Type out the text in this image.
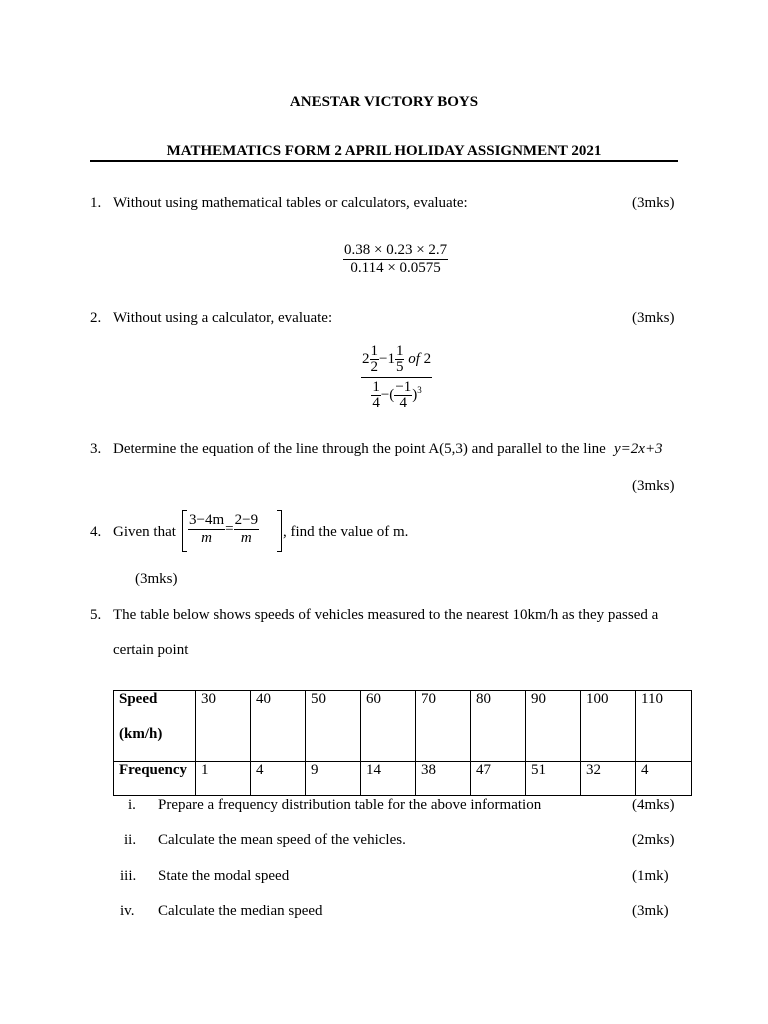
ANESTAR VICTORY BOYS
MATHEMATICS FORM 2 APRIL HOLIDAY ASSIGNMENT 2021
1. Without using mathematical tables or calculators, evaluate:	(3mks)
$\frac{0.38 \times 0.23 \times 2.7}{0.114 \times 0.0575}$
2. Without using a calculator, evaluate:	(3mks)
$\frac{2 \frac{1}{2} -1 \frac{1}{5} of 2}{\frac{1}{4} -( \frac{-1}{4} )^3}$
3. Determine the equation of the line through the point A(5,3) and parallel to the line y=2x+3
(3mks)
4. Given that $\frac{3-4m}{m} = \frac{2-9}{m}$ , find the value of m.
(3mks)
5. The table below shows speeds of vehicles measured to the nearest 10km/h as they passed a
certain point
Speed
(km/h)	30	40	50	60	70	80	90	100	110
Frequency	1	4	9	14	38	47	51	32	4
i. Prepare a frequency distribution table for the above information	(4mks)
ii. Calculate the mean speed of the vehicles.	(2mks)
iii. State the modal speed	(1mk)
iv. Calculate the median speed	(3mk)
